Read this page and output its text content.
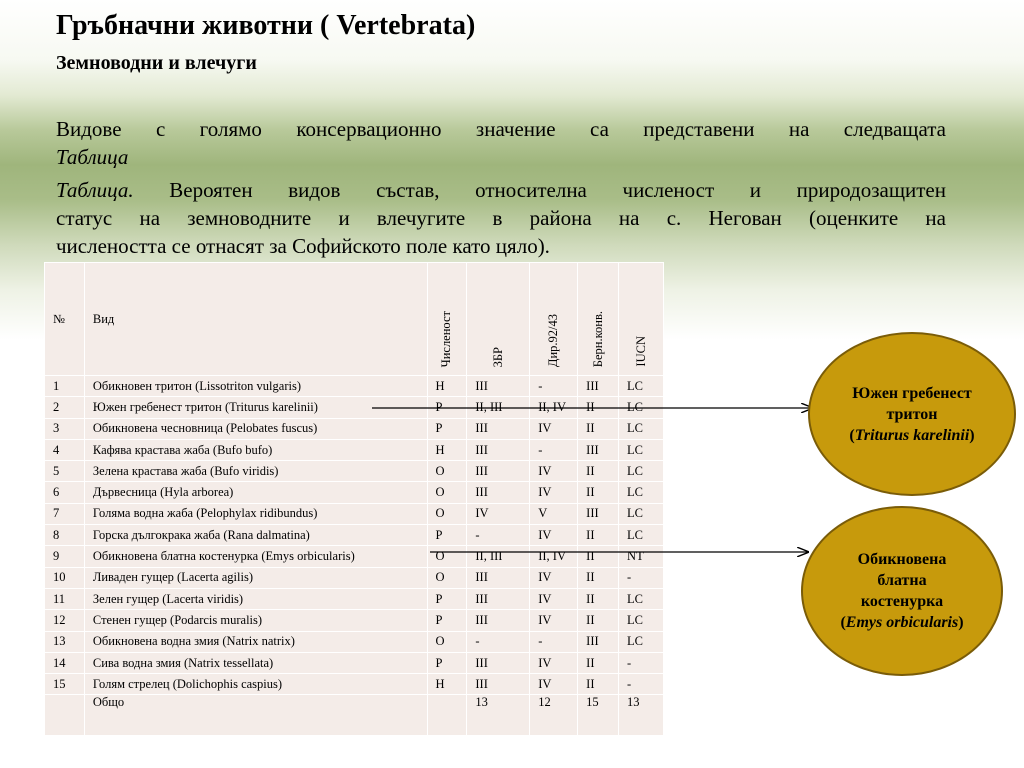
Гръбначни животни ( Vertebrata)
Земноводни и влечуги
Видове с голямо консервационно значение са представени на следващата
Таблица
Таблица. Вероятен видов състав, относителна численост и природозащитен
статус на земноводните и влечугите в района на с. Негован (оценките на
числеността се отнасят за Софийското поле като цяло).
№	Вид	Численост	ЗБР	Дир.92/43	Берн.конв.	IUCN
1	Обикновен тритон (Lissotriton vulgaris)	Н	III	-	III	LC
2	Южен гребенест тритон (Triturus karelinii)	Р	II, III	II, IV	II	LC
3	Обикновена чесновница (Pelobates fuscus)	Р	III	IV	II	LC
4	Кафява крастава жаба (Bufo bufo)	Н	III	-	III	LC
5	Зелена крастава жаба (Bufo viridis)	О	III	IV	II	LC
6	Дървесница (Hyla arborea)	О	III	IV	II	LC
7	Голяма водна жаба (Pelophylax ridibundus)	О	IV	V	III	LC
8	Горска дългокрака жаба (Rana dalmatina)	Р	-	IV	II	LC
9	Обикновена блатна костенурка (Emys orbicularis)	О	II, III	II, IV	II	NT
10	Ливаден гущер (Lacerta agilis)	О	III	IV	II	-
11	Зелен гущер (Lacerta viridis)	Р	III	IV	II	LC
12	Стенен гущер (Podarcis muralis)	Р	III	IV	II	LC
13	Обикновена водна змия (Natrix natrix)	О	-	-	III	LC
14	Сива водна змия (Natrix tessellata)	Р	III	IV	II	-
15	Голям стрелец (Dolichophis caspius)	Н	III	IV	II	-
	Общо		13	12	15	13
Южен гребенест
тритон
(Triturus karelinii)
Обикновена
блатна
костенурка
(Emys orbicularis)
